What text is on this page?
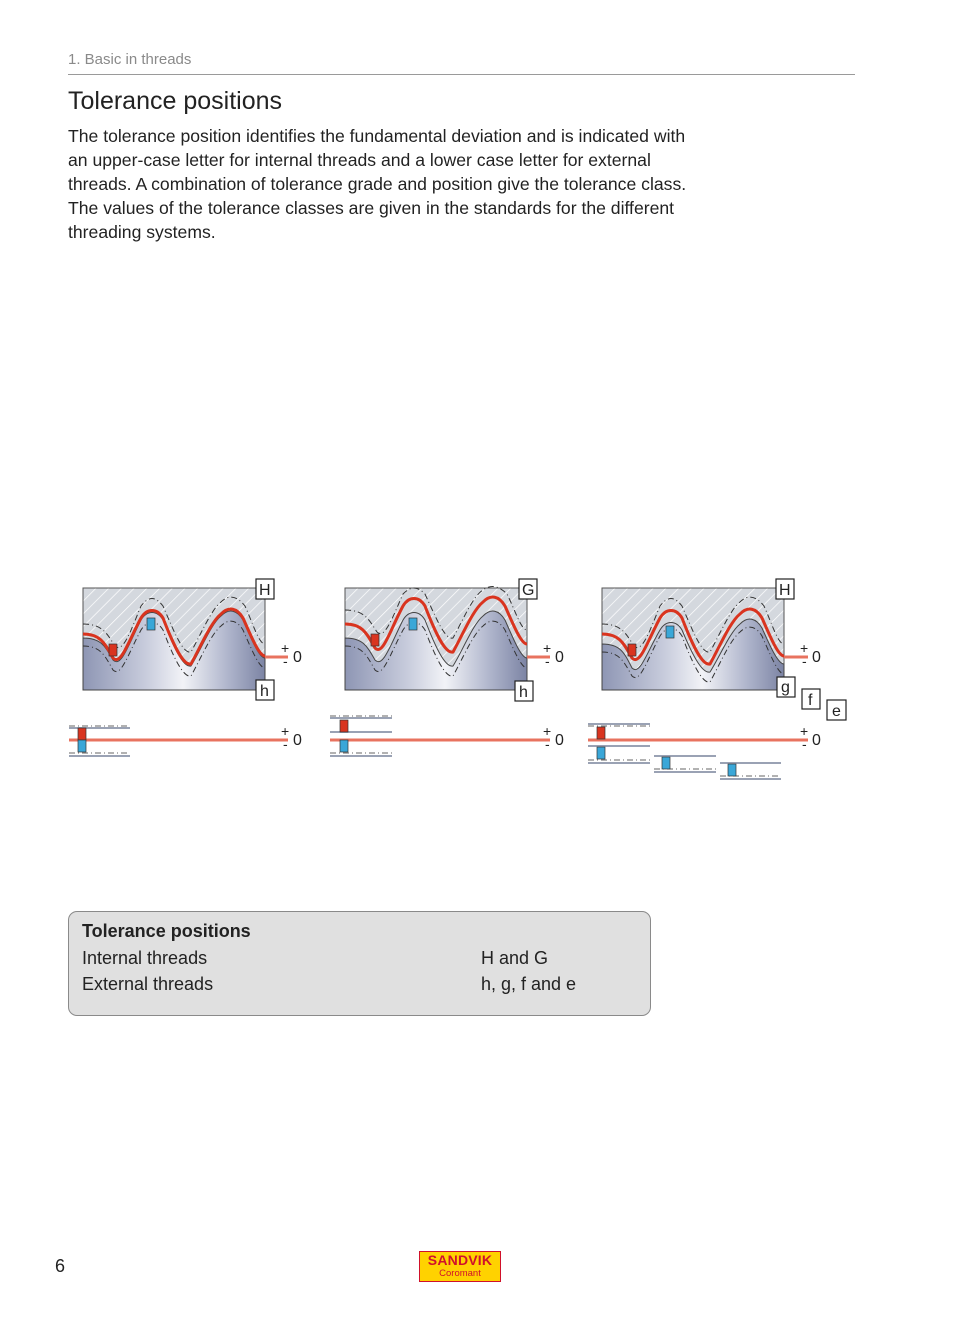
1. Basic in threads
Tolerance positions

The tolerance position identifies the fundamental deviation and is indicated with an upper-case letter for internal threads and a lower case letter for external threads. A combination of tolerance grade and position give the tolerance class. The values of the tolerance classes are given in the standards for the different threading systems.

H
h
+
- 0
+
- 0
G
h
+
- 0
+
- 0
H
g
f
e
+
- 0
+
- 0
Tolerance positions
Internal threads	H and G
External threads	h, g, f and e
6	SANDVIK
Coromant
